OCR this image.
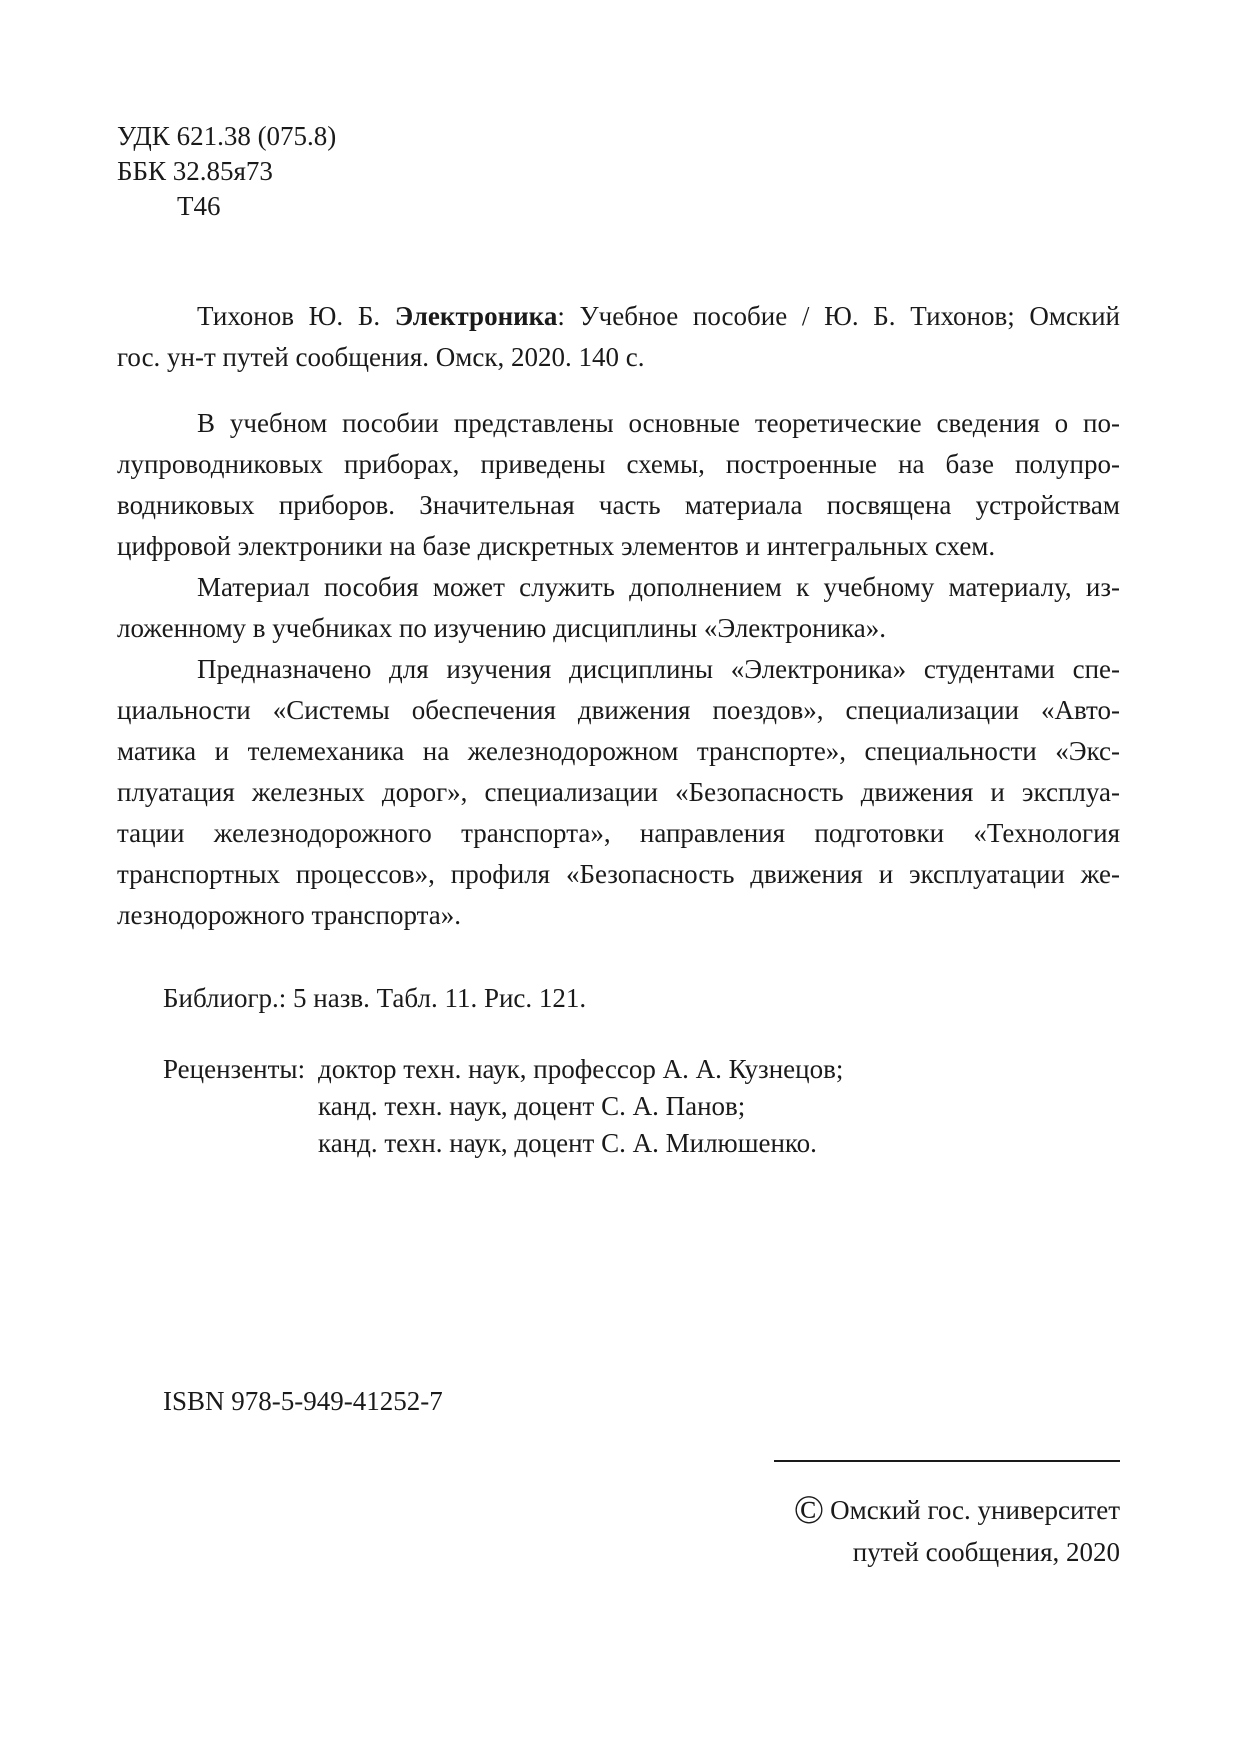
УДК 621.38 (075.8)
ББК 32.85я73
Т46
Тихонов Ю. Б. Электроника: Учебное пособие / Ю. Б. Тихонов; Омский
гос. ун-т путей сообщения. Омск, 2020. 140 с.
В учебном пособии представлены основные теоретические сведения о по-
лупроводниковых приборах, приведены схемы, построенные на базе полупро-
водниковых приборов. Значительная часть материала посвящена устройствам
цифровой электроники на базе дискретных элементов и интегральных схем.
Материал пособия может служить дополнением к учебному материалу, из-
ложенному в учебниках по изучению дисциплины «Электроника».
Предназначено для изучения дисциплины «Электроника» студентами спе-
циальности «Системы обеспечения движения поездов», специализации «Авто-
матика и телемеханика на железнодорожном транспорте», специальности «Экс-
плуатация железных дорог», специализации «Безопасность движения и эксплуа-
тации железнодорожного транспорта», направления подготовки «Технология
транспортных процессов», профиля «Безопасность движения и эксплуатации же-
лезнодорожного транспорта».
Библиогр.: 5 назв. Табл. 11. Рис. 121.
Рецензенты: доктор техн. наук, профессор А. А. Кузнецов;
канд. техн. наук, доцент С. А. Панов;
канд. техн. наук, доцент С. А. Милюшенко.
ISBN 978-5-949-41252-7
© Омский гос. университет
путей сообщения, 2020
